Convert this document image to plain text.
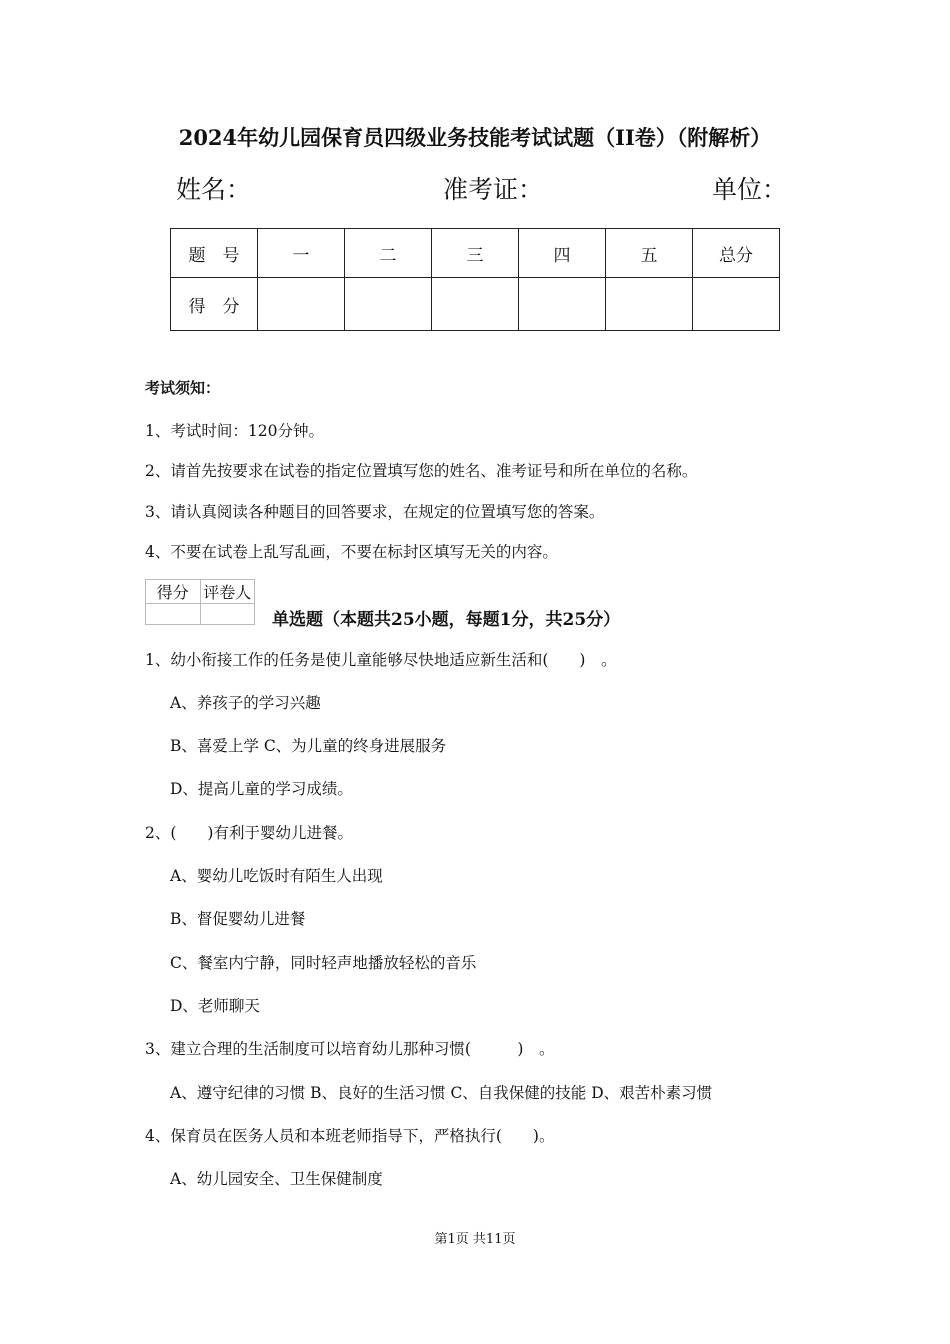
2024年幼儿园保育员四级业务技能考试试题（II卷）（附解析）
姓名：	准考证：	单位：
题　号	一	二	三	四	五	总分
得　分						
考试须知：
1、考试时间：120分钟。
2、请首先按要求在试卷的指定位置填写您的姓名、准考证号和所在单位的名称。
3、请认真阅读各种题目的回答要求，在规定的位置填写您的答案。
4、不要在试卷上乱写乱画，不要在标封区填写无关的内容。
得分	评卷人

单选题（本题共25小题，每题1分，共25分）
1、幼小衔接工作的任务是使儿童能够尽快地适应新生活和(　　)　。
A、养孩子的学习兴趣
B、喜爱上学 C、为儿童的终身进展服务
D、提高儿童的学习成绩。
2、(　　)有利于婴幼儿进餐。
A、婴幼儿吃饭时有陌生人出现
B、督促婴幼儿进餐
C、餐室内宁静，同时轻声地播放轻松的音乐
D、老师聊天
3、建立合理的生活制度可以培育幼儿那种习惯(　　　)　。
A、遵守纪律的习惯 B、良好的生活习惯 C、自我保健的技能 D、艰苦朴素习惯
4、保育员在医务人员和本班老师指导下，严格执行(　　)。
A、幼儿园安全、卫生保健制度
第1页 共11页
